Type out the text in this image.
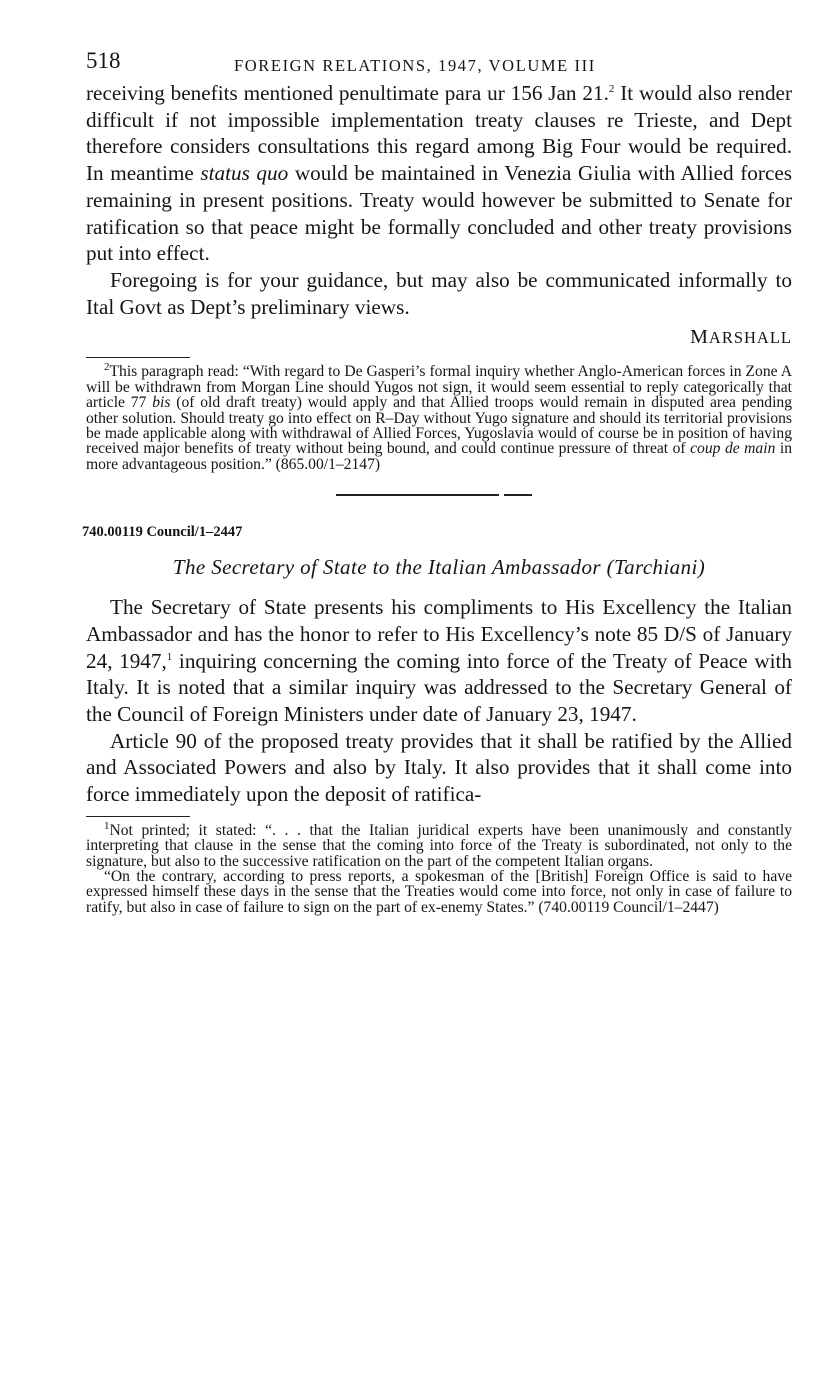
518	FOREIGN RELATIONS, 1947, VOLUME III

receiving benefits mentioned penultimate para ur 156 Jan 21.$^2$ It would also render difficult if not impossible implementation treaty clauses re Trieste, and Dept therefore considers consultations this regard among Big Four would be required. In meantime status quo would be maintained in Venezia Giulia with Allied forces remaining in present positions. Treaty would however be submitted to Senate for ratification so that peace might be formally concluded and other treaty provisions put into effect.

Foregoing is for your guidance, but may also be communicated informally to Ital Govt as Dept’s preliminary views.

MARSHALL

$^2$This paragraph read: “With regard to De Gasperi’s formal inquiry whether Anglo-American forces in Zone A will be withdrawn from Morgan Line should Yugos not sign, it would seem essential to reply categorically that article 77 bis (of old draft treaty) would apply and that Allied troops would remain in disputed area pending other solution. Should treaty go into effect on R–Day without Yugo signature and should its territorial provisions be made applicable along with withdrawal of Allied Forces, Yugoslavia would of course be in position of having received major benefits of treaty without being bound, and could continue pressure of threat of coup de main in more advantageous position.” (865.00/1–2147)

740.00119 Council/1–2447

The Secretary of State to the Italian Ambassador (Tarchiani)

The Secretary of State presents his compliments to His Excellency the Italian Ambassador and has the honor to refer to His Excellency’s note 85 D/S of January 24, 1947,$^1$ inquiring concerning the coming into force of the Treaty of Peace with Italy. It is noted that a similar inquiry was addressed to the Secretary General of the Council of Foreign Ministers under date of January 23, 1947.

Article 90 of the proposed treaty provides that it shall be ratified by the Allied and Associated Powers and also by Italy. It also provides that it shall come into force immediately upon the deposit of ratifica-

$^1$Not printed; it stated: “. . . that the Italian juridical experts have been unanimously and constantly interpreting that clause in the sense that the coming into force of the Treaty is subordinated, not only to the signature, but also to the successive ratification on the part of the competent Italian organs.

“On the contrary, according to press reports, a spokesman of the [British] Foreign Office is said to have expressed himself these days in the sense that the Treaties would come into force, not only in case of failure to ratify, but also in case of failure to sign on the part of ex-enemy States.” (740.00119 Council/1–2447)
